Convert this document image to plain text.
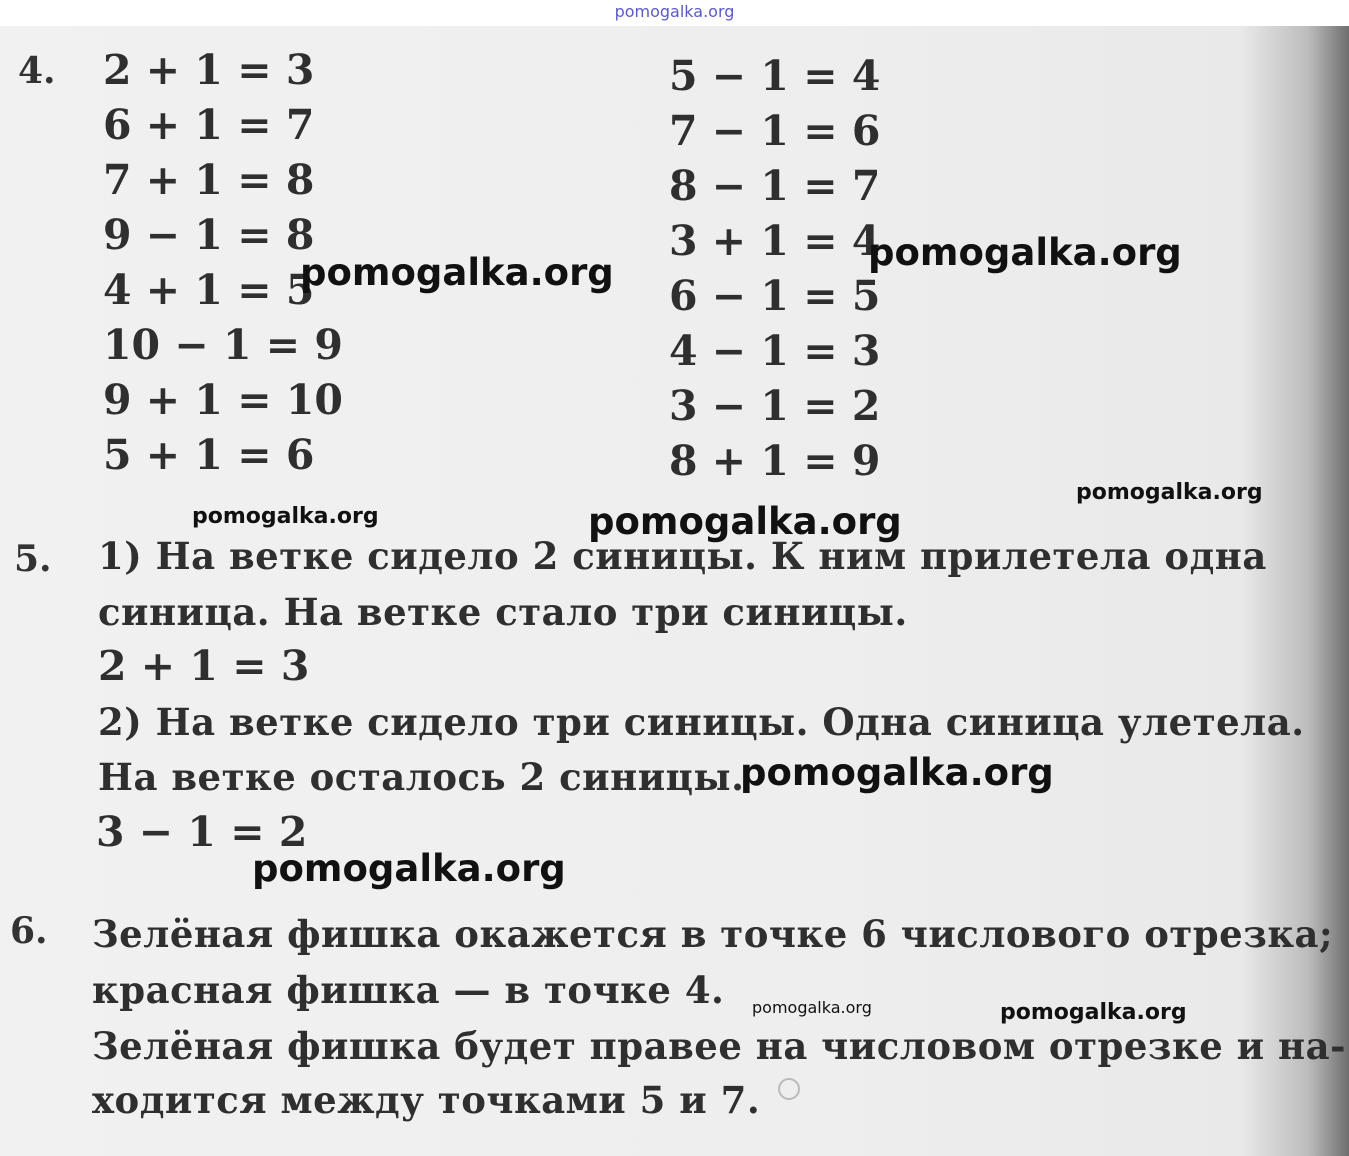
pomogalka.org

4. 2 + 1 = 3
6 + 1 = 7
7 + 1 = 8
9 − 1 = 8
4 + 1 = 5
10 − 1 = 9
9 + 1 = 10
5 + 1 = 6
5 − 1 = 4
7 − 1 = 6
8 − 1 = 7
3 + 1 = 4
6 − 1 = 5
4 − 1 = 3
3 − 1 = 2
8 + 1 = 9
5. 1) На ветке сидело 2 синицы. К ним прилетела одна
синица. На ветке стало три синицы.
2 + 1 = 3
2) На ветке сидело три синицы. Одна синица улетела.
На ветке осталось 2 синицы.
3 − 1 = 2
6. Зелёная фишка окажется в точке 6 числового отрезка;
красная фишка — в точке 4.
Зелёная фишка будет правее на числовом отрезке и на-
ходится между точками 5 и 7.
pomogalka.org	pomogalka.org
pomogalka.org	pomogalka.org
pomogalka.org
pomogalka.org
pomogalka.org
pomogalka.org	pomogalka.org
